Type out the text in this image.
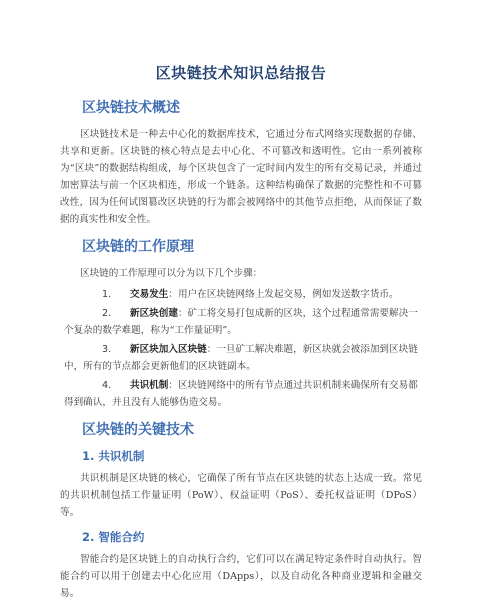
区块链技术知识总结报告
区块链技术概述

区块链技术是一种去中心化的数据库技术，它通过分布式网络实现数据的存储、共享和更新。区块链的核心特点是去中心化、不可篡改和透明性。它由一系列被称为“区块”的数据结构组成，每个区块包含了一定时间内发生的所有交易记录，并通过加密算法与前一个区块相连，形成一个链条。这种结构确保了数据的完整性和不可篡改性，因为任何试图篡改区块链的行为都会被网络中的其他节点拒绝，从而保证了数据的真实性和安全性。

区块链的工作原理

区块链的工作原理可以分为以下几个步骤：

1. 交易发生：用户在区块链网络上发起交易，例如发送数字货币。
2. 新区块创建：矿工将交易打包成新的区块，这个过程通常需要解决一个复杂的数学难题，称为“工作量证明”。
3. 新区块加入区块链：一旦矿工解决难题，新区块就会被添加到区块链中，所有的节点都会更新他们的区块链副本。
4. 共识机制：区块链网络中的所有节点通过共识机制来确保所有交易都得到确认，并且没有人能够伪造交易。
区块链的关键技术
1. 共识机制

共识机制是区块链的核心，它确保了所有节点在区块链的状态上达成一致。常见的共识机制包括工作量证明（PoW）、权益证明（PoS）、委托权益证明（DPoS）等。

2. 智能合约

智能合约是区块链上的自动执行合约，它们可以在满足特定条件时自动执行。智能合约可以用于创建去中心化应用（DApps），以及自动化各种商业逻辑和金融交易。
